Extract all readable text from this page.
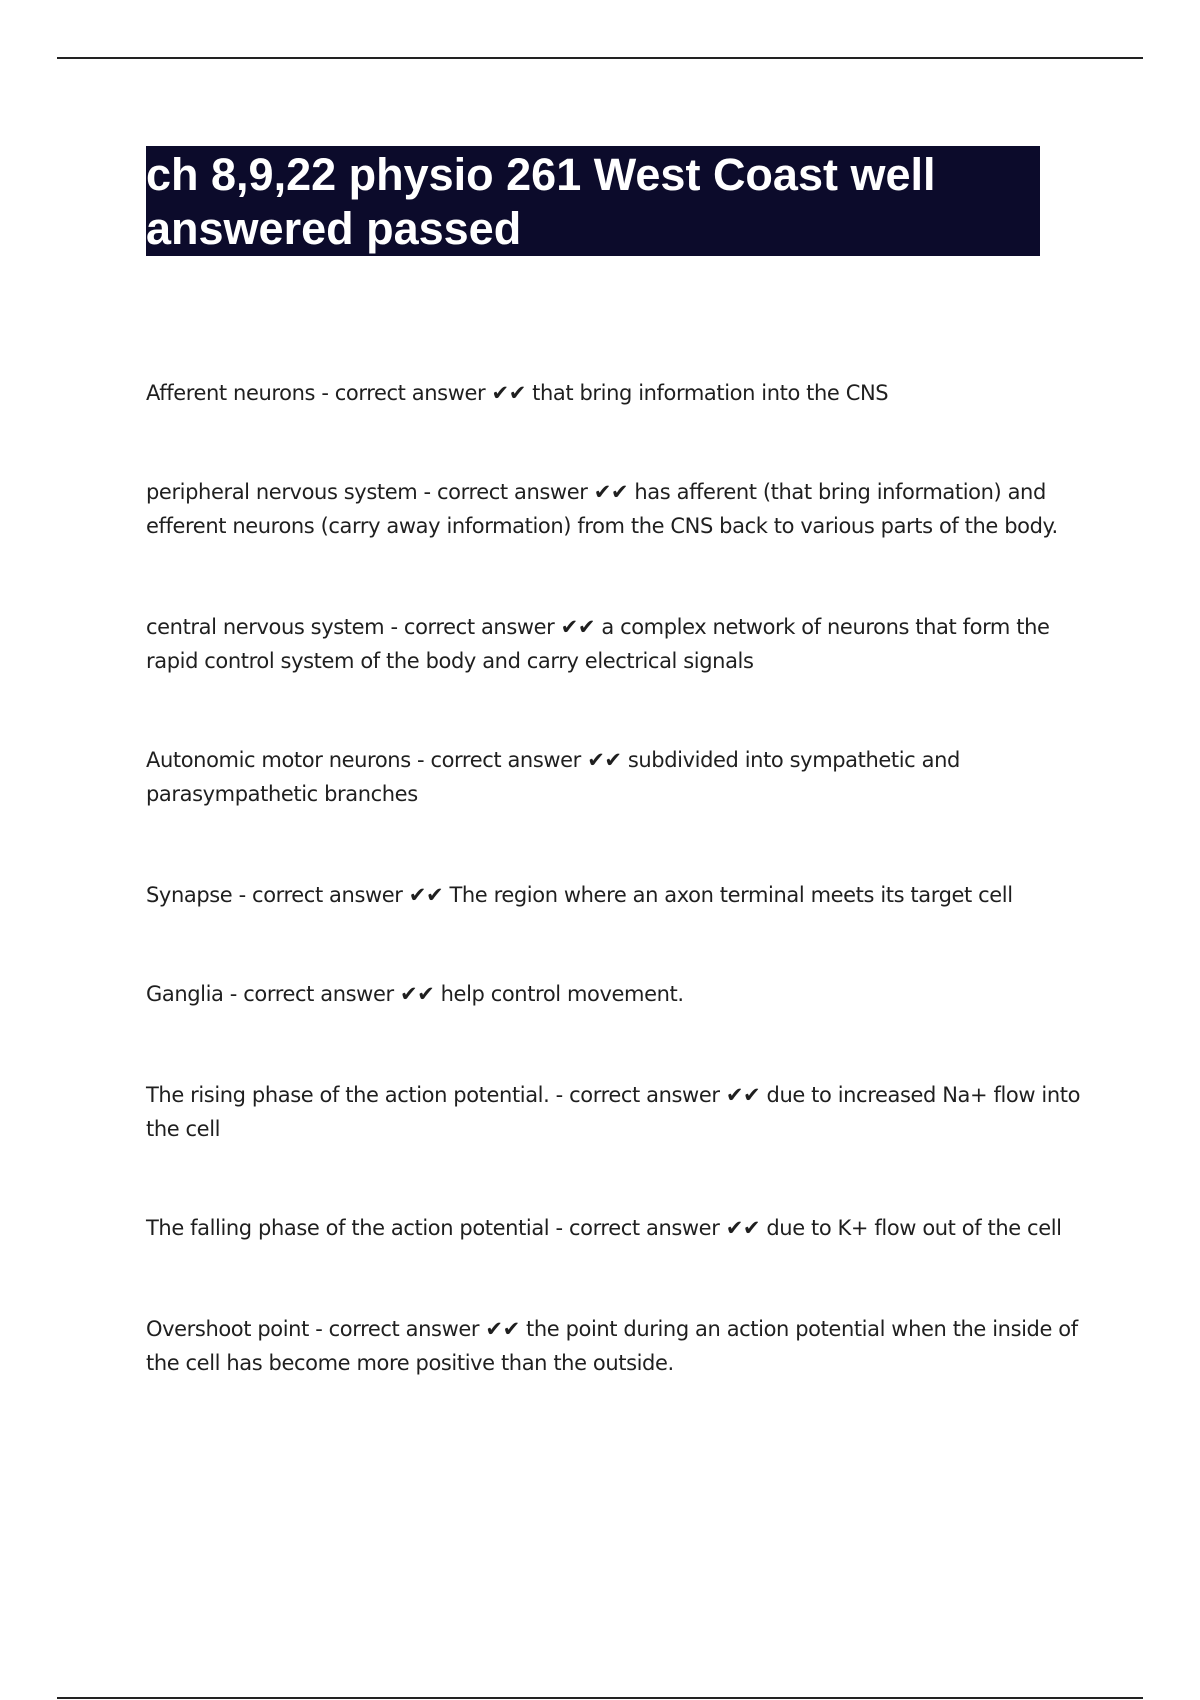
ch 8,9,22 physio 261 West Coast well answered passed

Afferent neurons - correct answer ✔✔ that bring information into the CNS

peripheral nervous system - correct answer ✔✔ has afferent (that bring information) and efferent neurons (carry away information) from the CNS back to various parts of the body.

central nervous system - correct answer ✔✔ a complex network of neurons that form the rapid control system of the body and carry electrical signals

Autonomic motor neurons - correct answer ✔✔ subdivided into sympathetic and parasympathetic branches

Synapse - correct answer ✔✔ The region where an axon terminal meets its target cell

Ganglia - correct answer ✔✔ help control movement.

The rising phase of the action potential. - correct answer ✔✔ due to increased Na+ flow into the cell

The falling phase of the action potential - correct answer ✔✔ due to K+ flow out of the cell

Overshoot point - correct answer ✔✔ the point during an action potential when the inside of the cell has become more positive than the outside.
